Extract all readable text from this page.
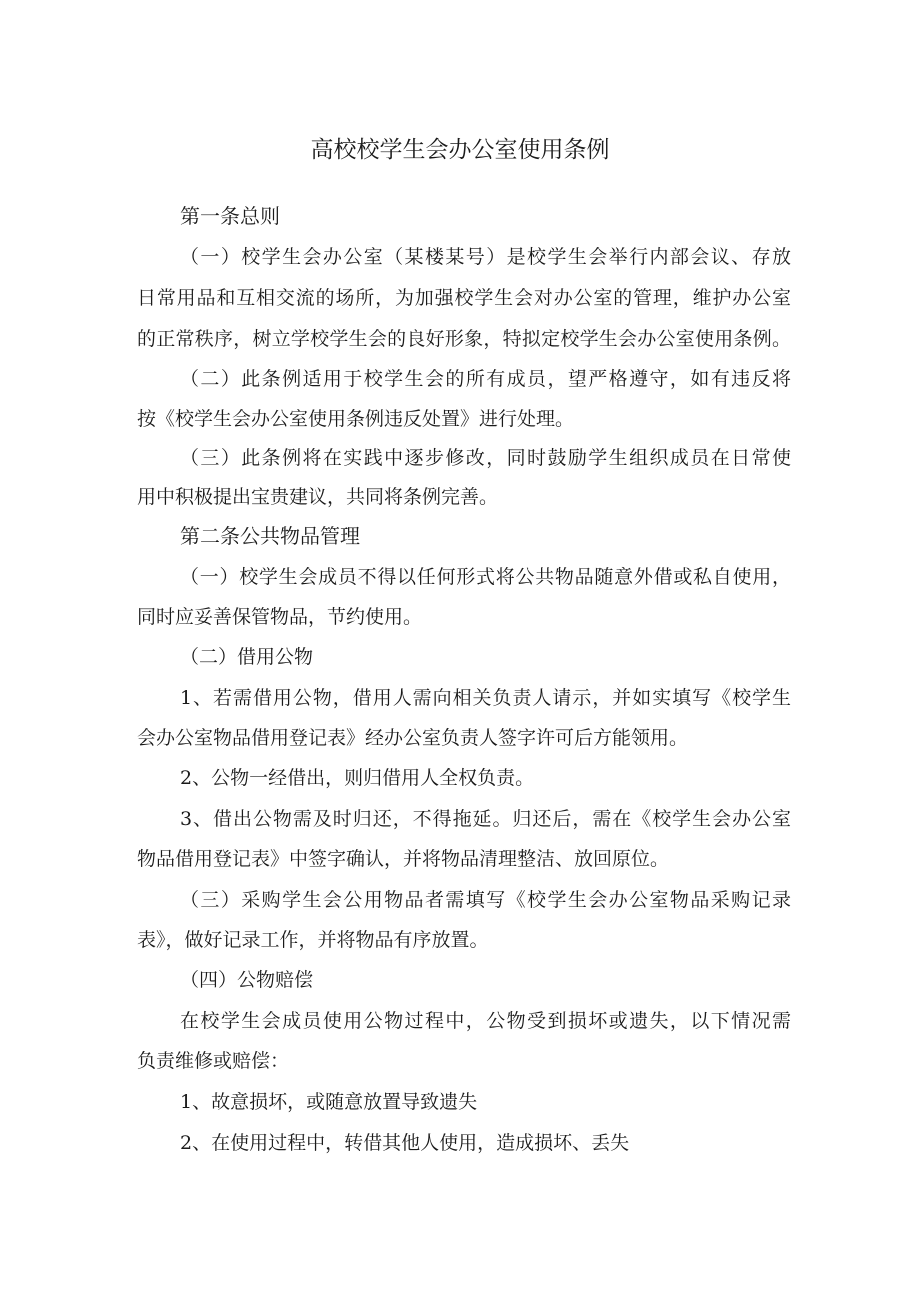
高校校学生会办公室使用条例
第一条总则
（一）校学生会办公室（某楼某号）是校学生会举行内部会议、存放
日常用品和互相交流的场所，为加强校学生会对办公室的管理，维护办公室
的正常秩序，树立学校学生会的良好形象，特拟定校学生会办公室使用条例。
（二）此条例适用于校学生会的所有成员，望严格遵守，如有违反将
按《校学生会办公室使用条例违反处置》进行处理。
（三）此条例将在实践中逐步修改，同时鼓励学生组织成员在日常使
用中积极提出宝贵建议，共同将条例完善。
第二条公共物品管理
（一）校学生会成员不得以任何形式将公共物品随意外借或私自使用，
同时应妥善保管物品，节约使用。
（二）借用公物
1、若需借用公物，借用人需向相关负责人请示，并如实填写《校学生
会办公室物品借用登记表》经办公室负责人签字许可后方能领用。
2、公物一经借出，则归借用人全权负责。
3、借出公物需及时归还，不得拖延。归还后，需在《校学生会办公室
物品借用登记表》中签字确认，并将物品清理整洁、放回原位。
（三）采购学生会公用物品者需填写《校学生会办公室物品采购记录
表》，做好记录工作，并将物品有序放置。
（四）公物赔偿
在校学生会成员使用公物过程中，公物受到损坏或遗失，以下情况需
负责维修或赔偿：
1、故意损坏，或随意放置导致遗失
2、在使用过程中，转借其他人使用，造成损坏、丢失
